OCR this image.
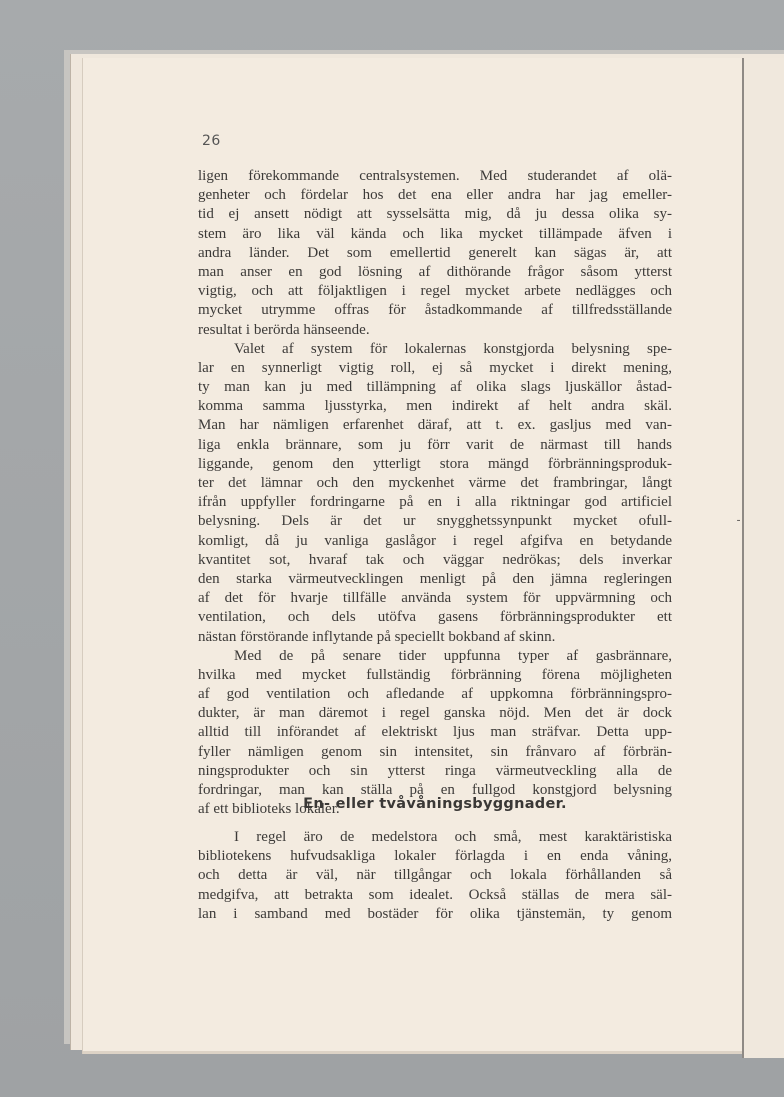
26
ligen förekommande centralsystemen. Med studerandet af olä-
genheter och fördelar hos det ena eller andra har jag emeller-
tid ej ansett nödigt att sysselsätta mig, då ju dessa olika sy-
stem äro lika väl kända och lika mycket tillämpade äfven i
andra länder. Det som emellertid generelt kan sägas är, att
man anser en god lösning af dithörande frågor såsom ytterst
vigtig, och att följaktligen i regel mycket arbete nedlägges och
mycket utrymme offras för åstadkommande af tillfredsställande
resultat i berörda hänseende.
Valet af system för lokalernas konstgjorda belysning spe-
lar en synnerligt vigtig roll, ej så mycket i direkt mening,
ty man kan ju med tillämpning af olika slags ljuskällor åstad-
komma samma ljusstyrka, men indirekt af helt andra skäl.
Man har nämligen erfarenhet däraf, att t. ex. gasljus med van-
liga enkla brännare, som ju förr varit de närmast till hands
liggande, genom den ytterligt stora mängd förbränningsproduk-
ter det lämnar och den myckenhet värme det frambringar, långt
ifrån uppfyller fordringarne på en i alla riktningar god artificiel
belysning. Dels är det ur snygghetssynpunkt mycket ofull-
komligt, då ju vanliga gaslågor i regel afgifva en betydande
kvantitet sot, hvaraf tak och väggar nedrökas; dels inverkar
den starka värmeutvecklingen menligt på den jämna regleringen
af det för hvarje tillfälle använda system för uppvärmning och
ventilation, och dels utöfva gasens förbränningsprodukter ett
nästan förstörande inflytande på speciellt bokband af skinn.
Med de på senare tider uppfunna typer af gasbrännare,
hvilka med mycket fullständig förbränning förena möjligheten
af god ventilation och afledande af uppkomna förbränningspro-
dukter, är man däremot i regel ganska nöjd. Men det är dock
alltid till införandet af elektriskt ljus man sträfvar. Detta upp-
fyller nämligen genom sin intensitet, sin frånvaro af förbrän-
ningsprodukter och sin ytterst ringa värmeutveckling alla de
fordringar, man kan ställa på en fullgod konstgjord belysning
af ett biblioteks lokaler.
En- eller tvåvåningsbyggnader.
I regel äro de medelstora och små, mest karaktäristiska
bibliotekens hufvudsakliga lokaler förlagda i en enda våning,
och detta är väl, när tillgångar och lokala förhållanden så
medgifva, att betrakta som idealet. Också ställas de mera säl-
lan i samband med bostäder för olika tjänstemän, ty genom
⁃
